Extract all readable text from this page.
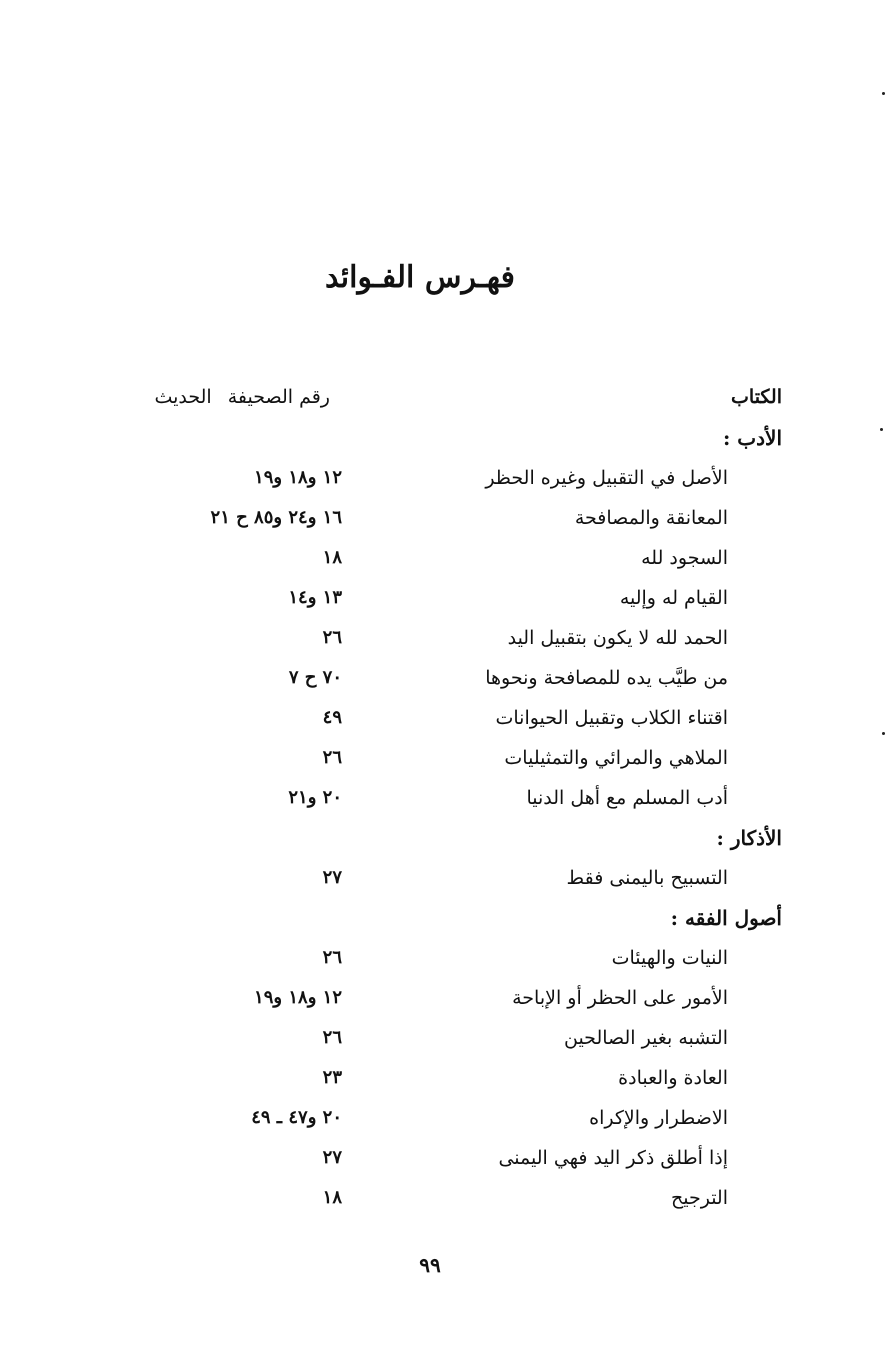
فهـرس الفـوائد
الكتاب
رقم الصحيفةالحديث
الأدب :
الأصل في التقبيل وغيره الحظر
١٢ و١٨ و١٩
المعانقة والمصافحة
١٦ و٢٤ و٨٥ ح ٢١
السجود لله
١٨
القيام له وإليه
١٣ و١٤
الحمد لله لا يكون بتقبيل اليد
٢٦
من طيَّب يده للمصافحة ونحوها
٧٠ ح ٧
اقتناء الكلاب وتقبيل الحيوانات
٤٩
الملاهي والمرائي والتمثيليات
٢٦
أدب المسلم مع أهل الدنيا
٢٠ و٢١
الأذكار :
التسبيح باليمنى فقط
٢٧
أصول الفقه :
النيات والهيئات
٢٦
الأمور على الحظر أو الإباحة
١٢ و١٨ و١٩
التشبه بغير الصالحين
٢٦
العادة والعبادة
٢٣
الاضطرار والإكراه
٢٠ و٤٧ ـ ٤٩
إذا أطلق ذكر اليد فهي اليمنى
٢٧
الترجيح
١٨
٩٩
